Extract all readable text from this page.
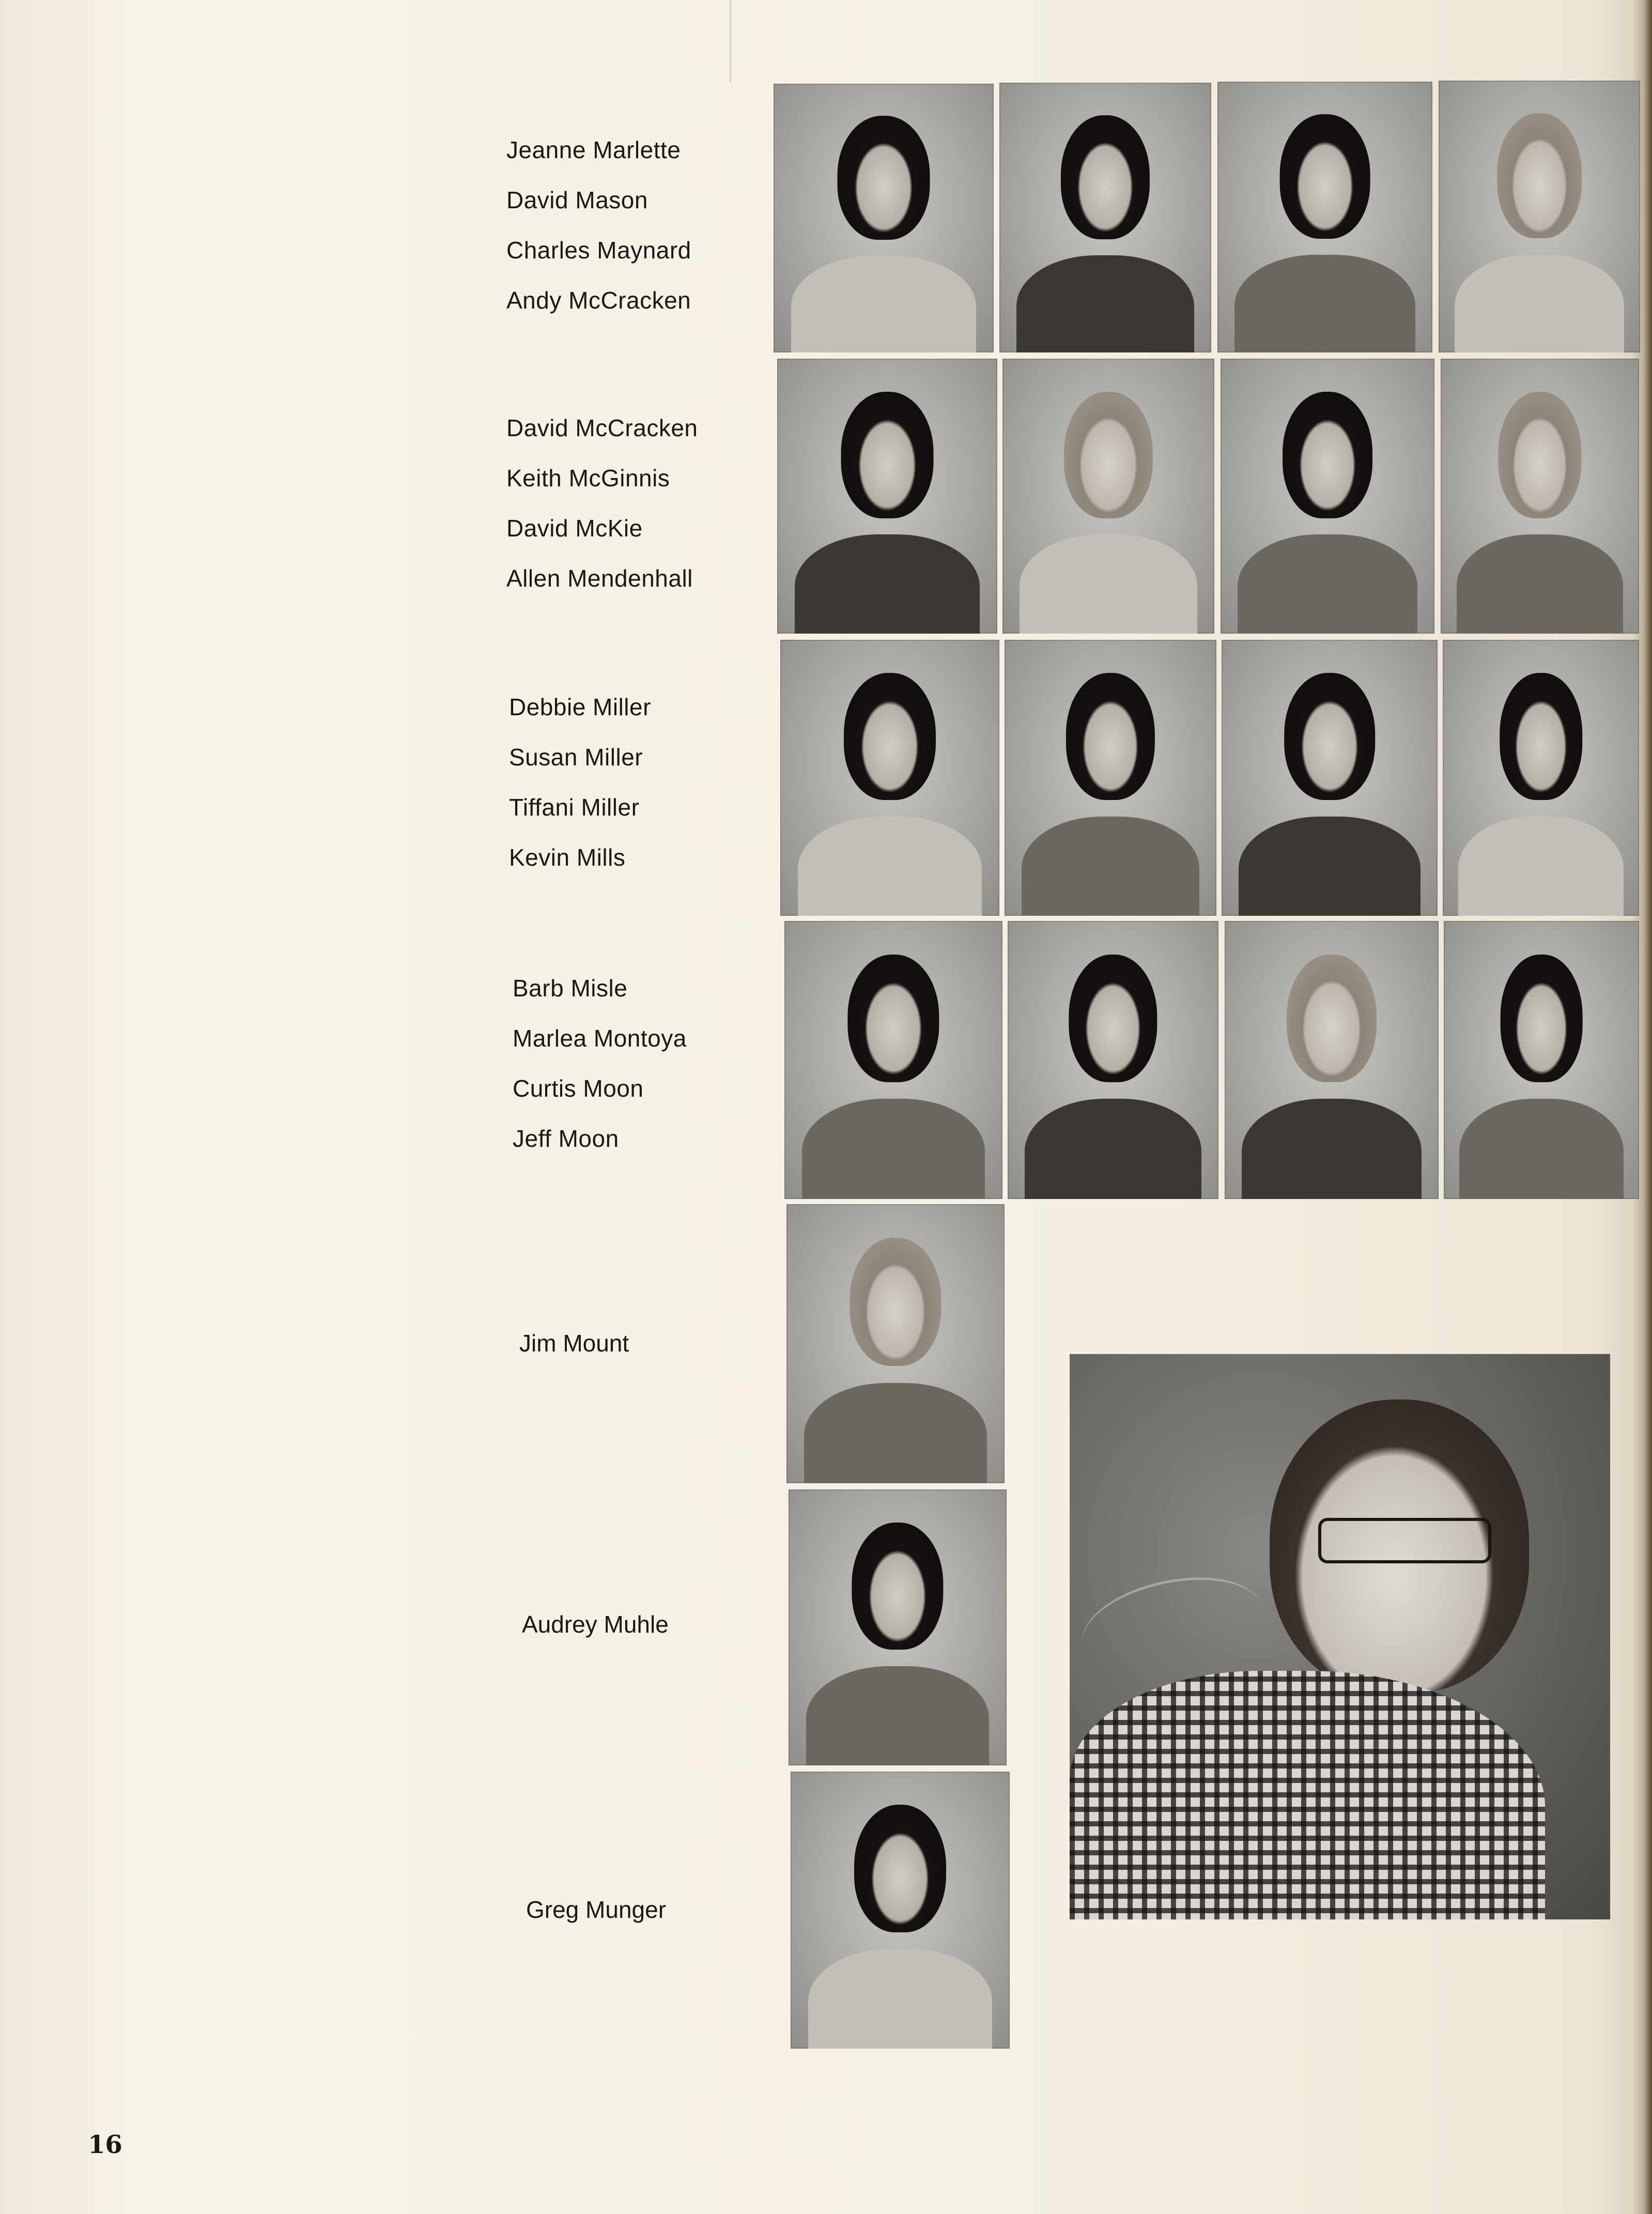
Jeanne Marlette
David Mason
Charles Maynard
Andy McCracken
David McCracken
Keith McGinnis
David McKie
Allen Mendenhall
Debbie Miller
Susan Miller
Tiffani Miller
Kevin Mills
Barb Misle
Marlea Montoya
Curtis Moon
Jeff Moon
Jim Mount
Audrey Muhle
Greg Munger
16
